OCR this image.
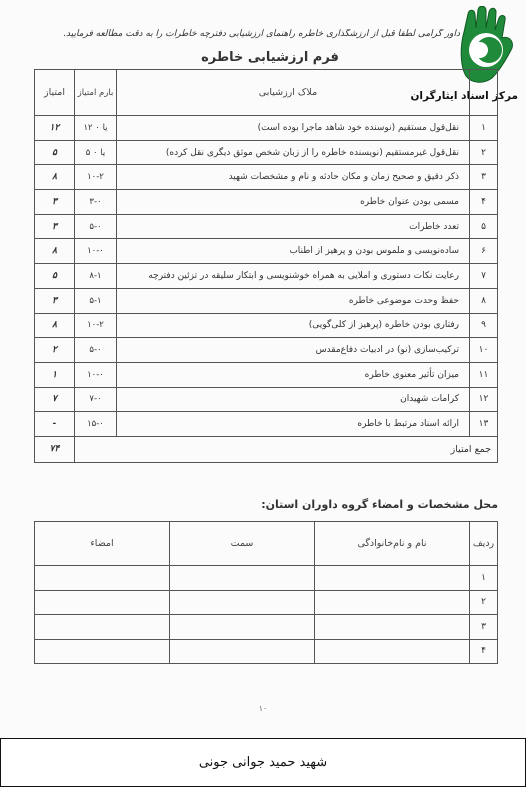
داور گرامی لطفاً قبل از ارزشگذاری خاطره راهنمای ارزشیابی دفترچه خاطرات را به دقت مطالعه فرمایید.
مرکز اسناد ایثارگران
فرم ارزشیابی خاطره
	ملاک ارزشیابی	بارم امتیاز	امتیاز
۱	نقل‌قول مستقیم (نوسنده خود شاهد ماجرا بوده است)	۱۲ یا ۰	۱۲
۲	نقل‌قول غیرمستقیم (نویسنده خاطره را از زبان شخص موثق دیگری نقل کرده)	۵ یا ۰	۵
۳	ذکر دقیق و صحیح زمان و مکان حادثه و نام و مشخصات شهید	۱۰-۲	۸
۴	مسمی بودن عنوان خاطره	۳-۰	۳
۵	تعدد خاطرات	۵-۰	۳
۶	ساده‌نویسی و ملموس بودن و پرهیز از اطناب	۱۰-۰	۸
۷	رعایت نکات دستوری و املایی به همراه خوشنویسی و ابتکار سلیقه در تزئین دفترچه	۸-۱	۵
۸	حفظ وحدت موضوعی خاطره	۵-۱	۳
۹	رفتاری بودن خاطره (پرهیز از کلی‌گویی)	۱۰-۲	۸
۱۰	ترکیب‌سازی (نو) در ادبیات دفاع‌مقدس	۵-۰	۲
۱۱	میزان تأثیر معنوی خاطره	۱۰-۰	۱
۱۲	کرامات شهیدان	۷-۰	۷
۱۳	ارائه اسناد مرتبط با خاطره	۱۵-۰	-
جمع امتیاز			۷۴
محل مشخصات و امضاء گروه داوران استان:
ردیف	نام و نام‌خانوادگی	سمت	امضاء
۱			
۲			
۳			
۴			
۱۰
شهید حمید جوانی جونی
